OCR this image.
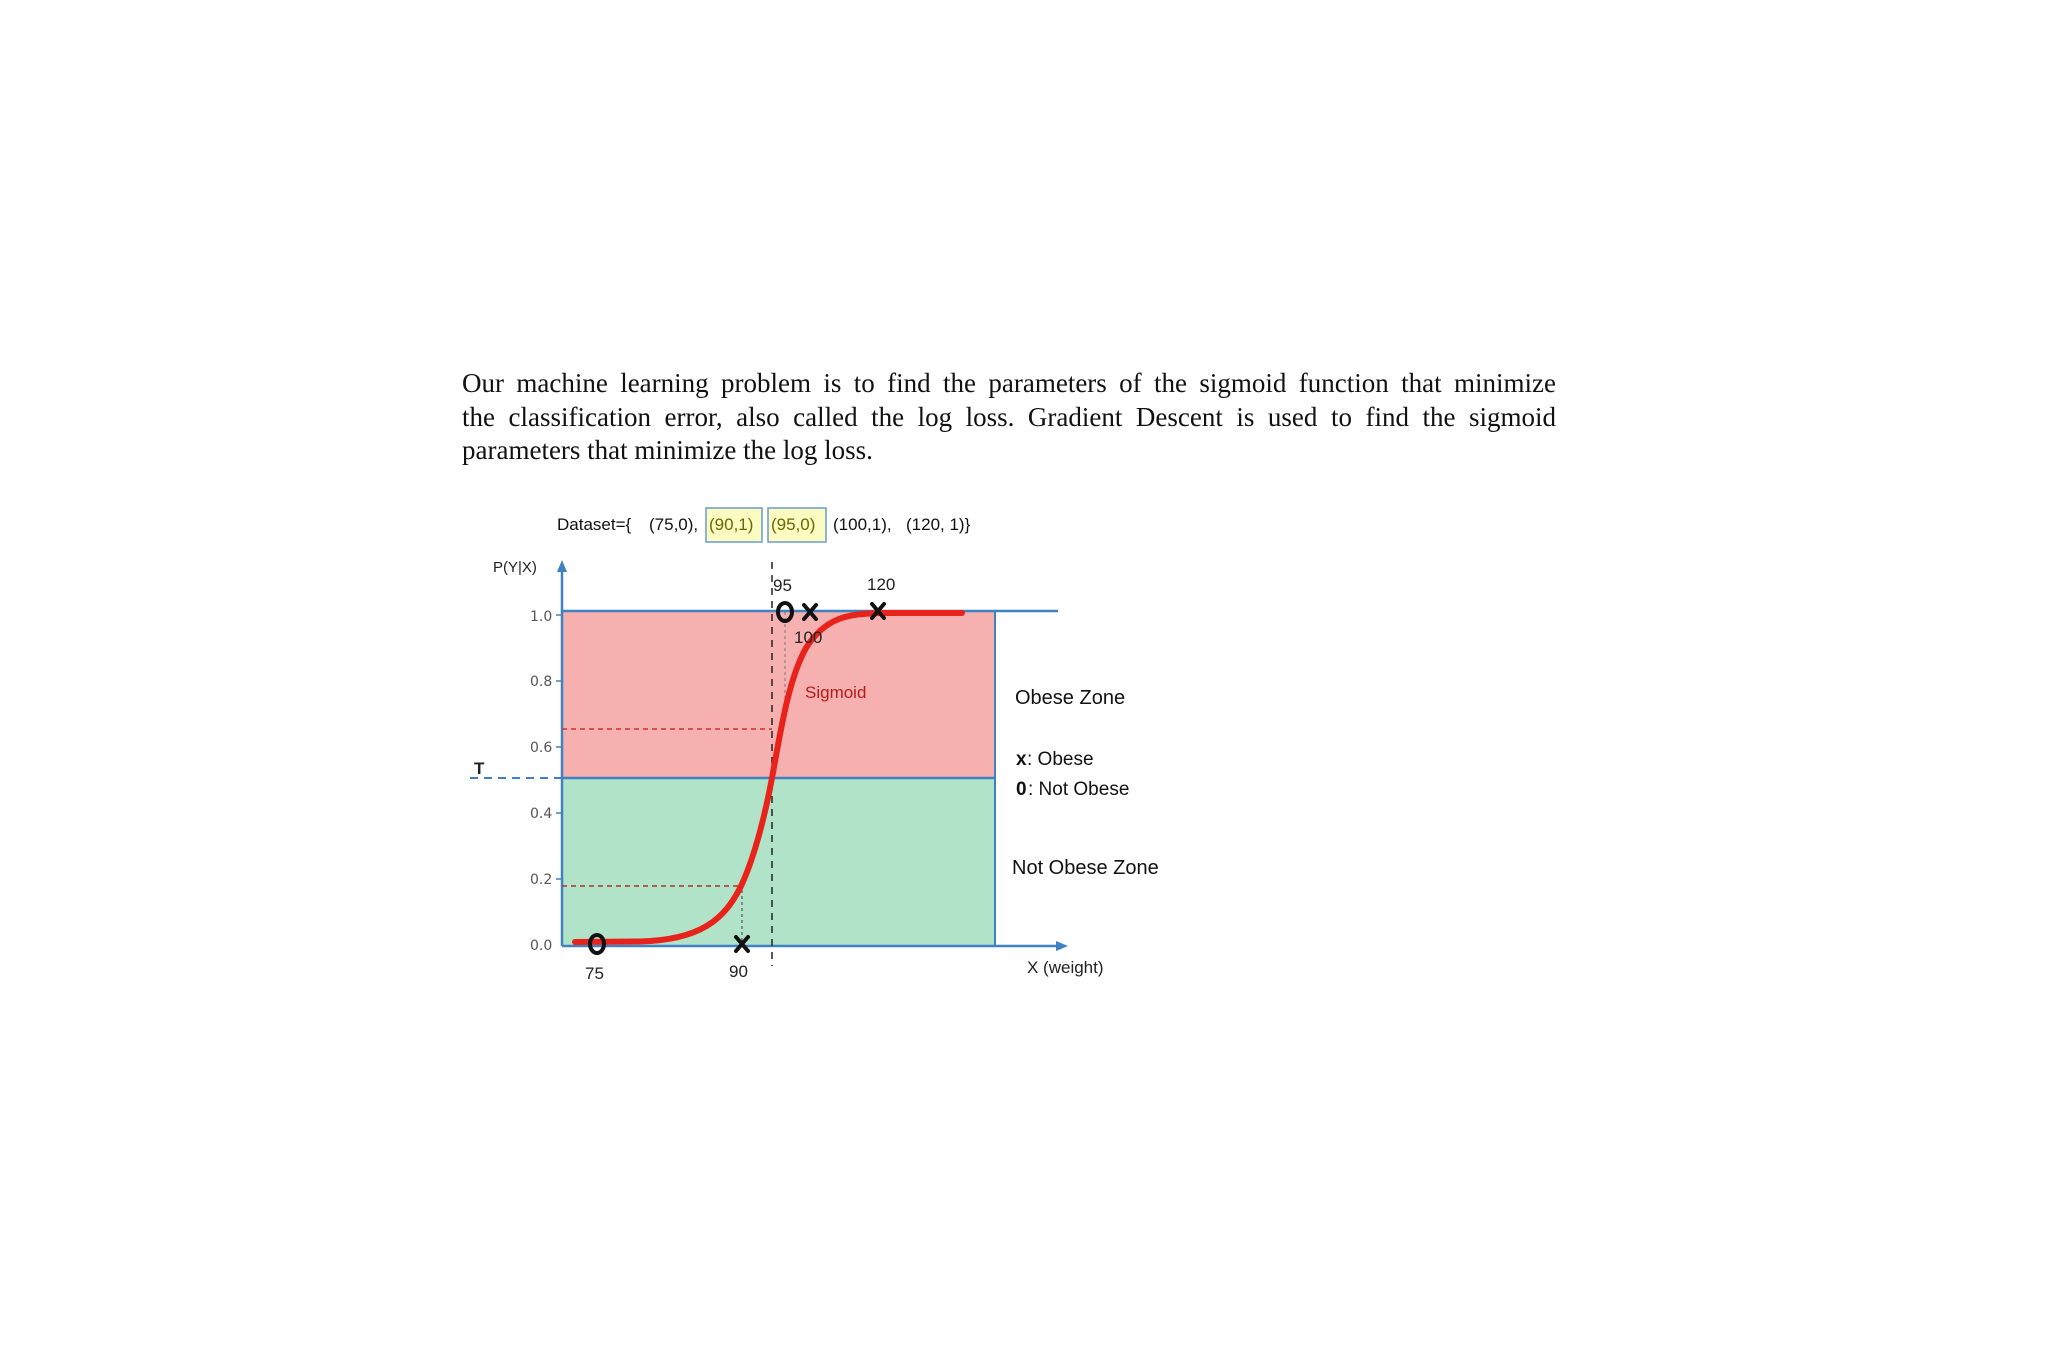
Our machine learning problem is to find the parameters of the sigmoid function that minimize
the classification error, also called the log loss. Gradient Descent is used to find the sigmoid
parameters that minimize the log loss.
Dataset={ (75,0), (90,1) (95,0) (100,1), (120, 1)}
T
P(Y|X)
X (weight)
1.0
0.8
0.6
0.4
0.2
0.0
Sigmoid
75	90
95
100
120
Obese Zone
x : Obese
0 : Not Obese
Not Obese Zone
